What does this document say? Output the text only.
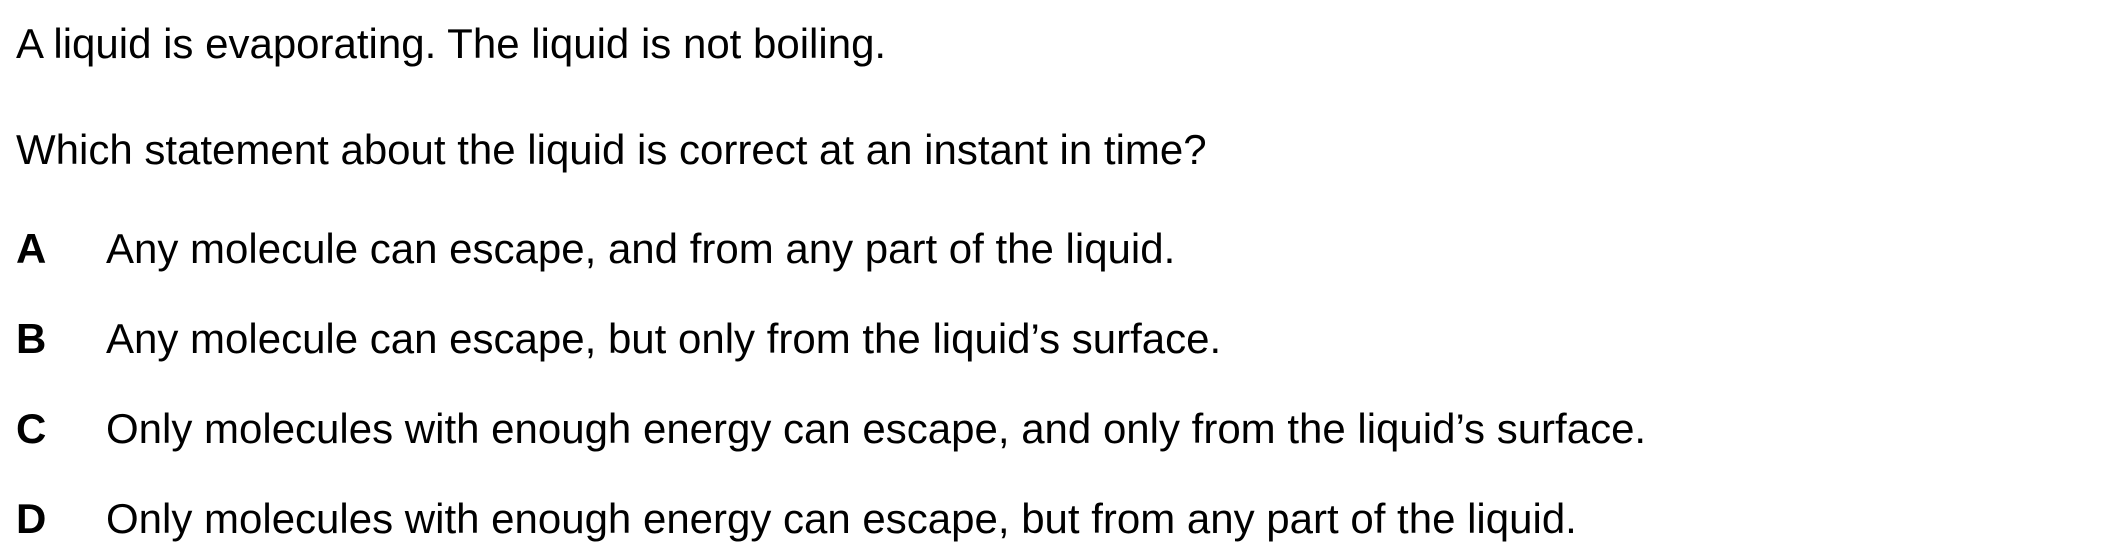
A liquid is evaporating. The liquid is not boiling.

Which statement about the liquid is correct at an instant in time?

A	Any molecule can escape, and from any part of the liquid.
B	Any molecule can escape, but only from the liquid’s surface.
C	Only molecules with enough energy can escape, and only from the liquid’s surface.
D	Only molecules with enough energy can escape, but from any part of the liquid.
